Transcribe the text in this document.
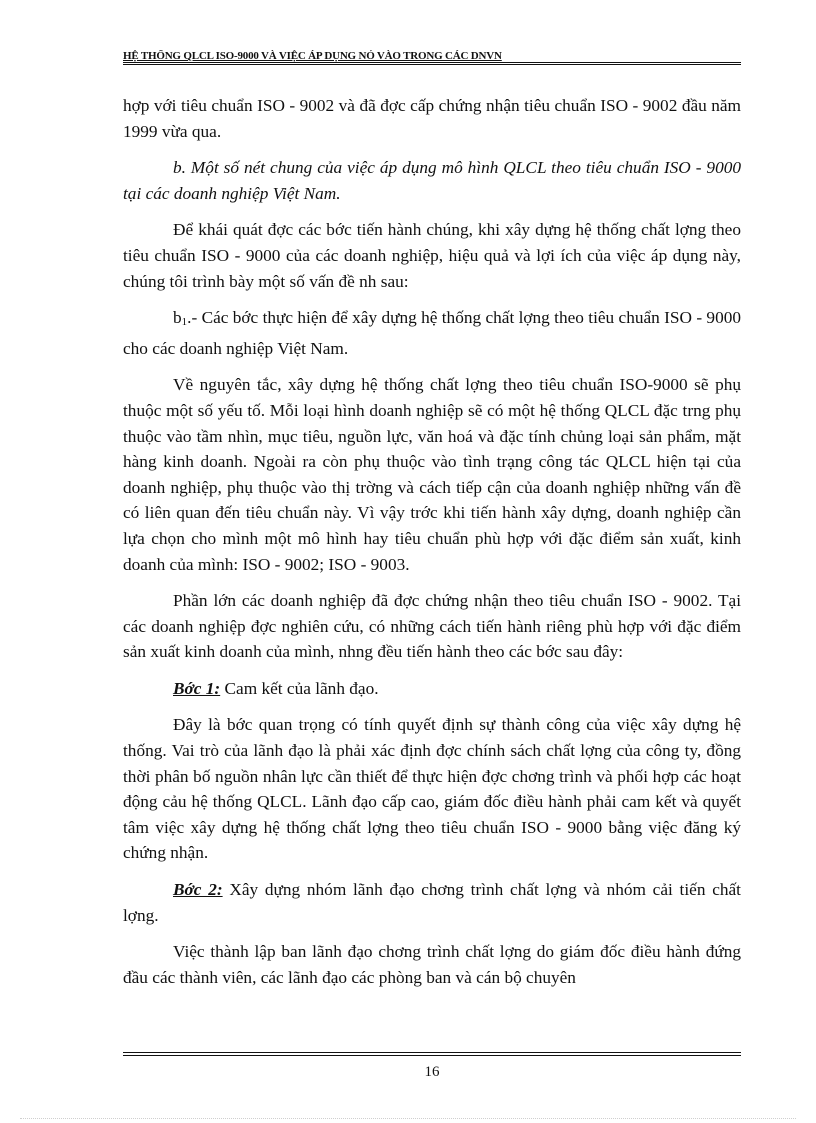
HỆ THỐNG QLCL ISO-9000 VÀ VIỆC ÁP DỤNG NÓ VÀO TRONG CÁC DNVN

hợp với tiêu chuẩn ISO - 9002 và đã đợc cấp chứng nhận tiêu chuẩn ISO - 9002 đầu năm 1999 vừa qua.

b. Một số nét chung của việc áp dụng mô hình QLCL theo tiêu chuẩn ISO - 9000 tại các doanh nghiệp Việt Nam.

Để khái quát đợc các bớc tiến hành chúng, khi xây dựng hệ thống chất lợng theo tiêu chuẩn ISO - 9000 của các doanh nghiệp, hiệu quả và lợi ích của việc áp dụng này, chúng tôi trình bày một số vấn đề nh sau:

b1.- Các bớc thực hiện để xây dựng hệ thống chất lợng theo tiêu chuẩn ISO - 9000 cho các doanh nghiệp Việt Nam.

Về nguyên tắc, xây dựng hệ thống chất lợng theo tiêu chuẩn ISO-9000 sẽ phụ thuộc một số yếu tố. Mỗi loại hình doanh nghiệp sẽ có một hệ thống QLCL đặc trng phụ thuộc vào tầm nhìn, mục tiêu, nguồn lực, văn hoá và đặc tính chủng loại sản phẩm, mặt hàng kinh doanh. Ngoài ra còn phụ thuộc vào tình trạng công tác QLCL hiện tại của doanh nghiệp, phụ thuộc vào thị trờng và cách tiếp cận của doanh nghiệp những vấn đề có liên quan đến tiêu chuẩn này. Vì vậy trớc khi tiến hành xây dựng, doanh nghiệp cần lựa chọn cho mình một mô hình hay tiêu chuẩn phù hợp với đặc điểm sản xuất, kinh doanh của mình: ISO - 9002; ISO - 9003.

Phần lớn các doanh nghiệp đã đợc chứng nhận theo tiêu chuẩn ISO - 9002. Tại các doanh nghiệp đợc nghiên cứu, có những cách tiến hành riêng phù hợp với đặc điểm sản xuất kinh doanh của mình, nhng đều tiến hành theo các bớc sau đây:

Bớc 1: Cam kết của lãnh đạo.

Đây là bớc quan trọng có tính quyết định sự thành công của việc xây dựng hệ thống. Vai trò của lãnh đạo là phải xác định đợc chính sách chất lợng của công ty, đồng thời phân bố nguồn nhân lực cần thiết để thực hiện đợc chơng trình và phối hợp các hoạt động cảu hệ thống QLCL. Lãnh đạo cấp cao, giám đốc điều hành phải cam kết và quyết tâm việc xây dựng hệ thống chất lợng theo tiêu chuẩn ISO - 9000 bằng việc đăng ký chứng nhận.

Bớc 2: Xây dựng nhóm lãnh đạo chơng trình chất lợng và nhóm cải tiến chất lợng.

Việc thành lập ban lãnh đạo chơng trình chất lợng do giám đốc điều hành đứng đầu các thành viên, các lãnh đạo các phòng ban và cán bộ chuyên

16
